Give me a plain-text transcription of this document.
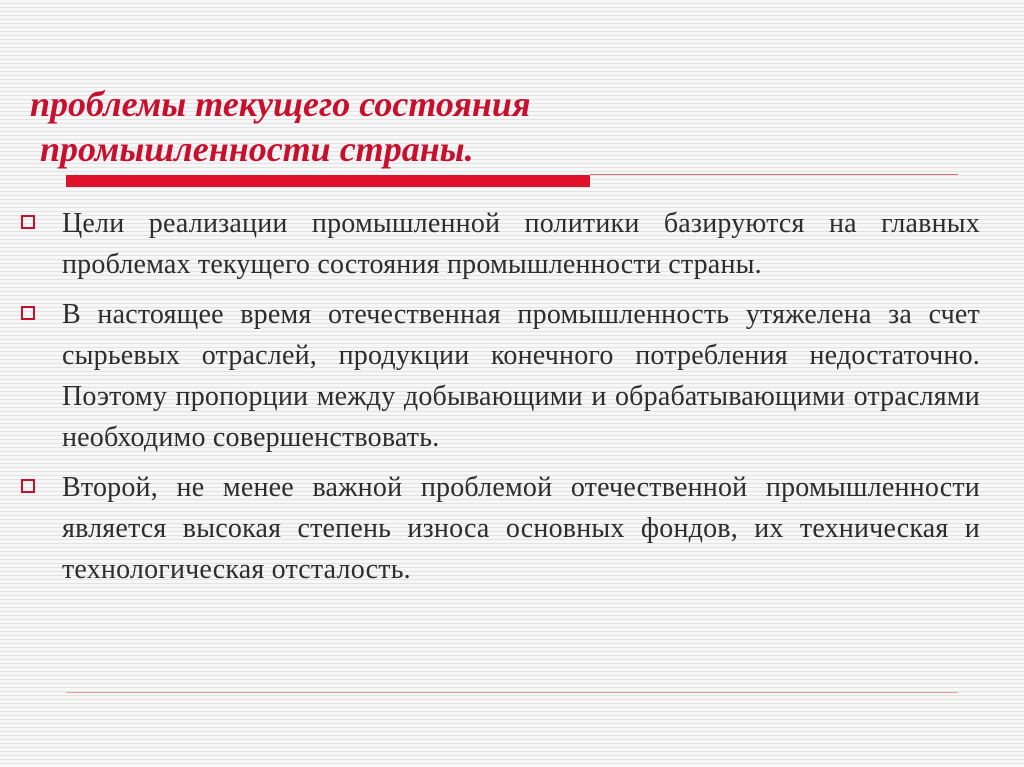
проблемы текущего состояния
промышленности страны.
Цели реализации промышленной политики базируются на главных проблемах текущего состояния промышленности страны.
В настоящее время отечественная промышленность утяжелена за счет сырьевых отраслей, продукции конечного потребления недостаточно. Поэтому пропорции между добывающими и обрабатывающими отраслями необходимо совершенствовать.
Второй, не менее важной проблемой отечественной промышленности является высокая степень износа основных фондов, их техническая и технологическая отсталость.
